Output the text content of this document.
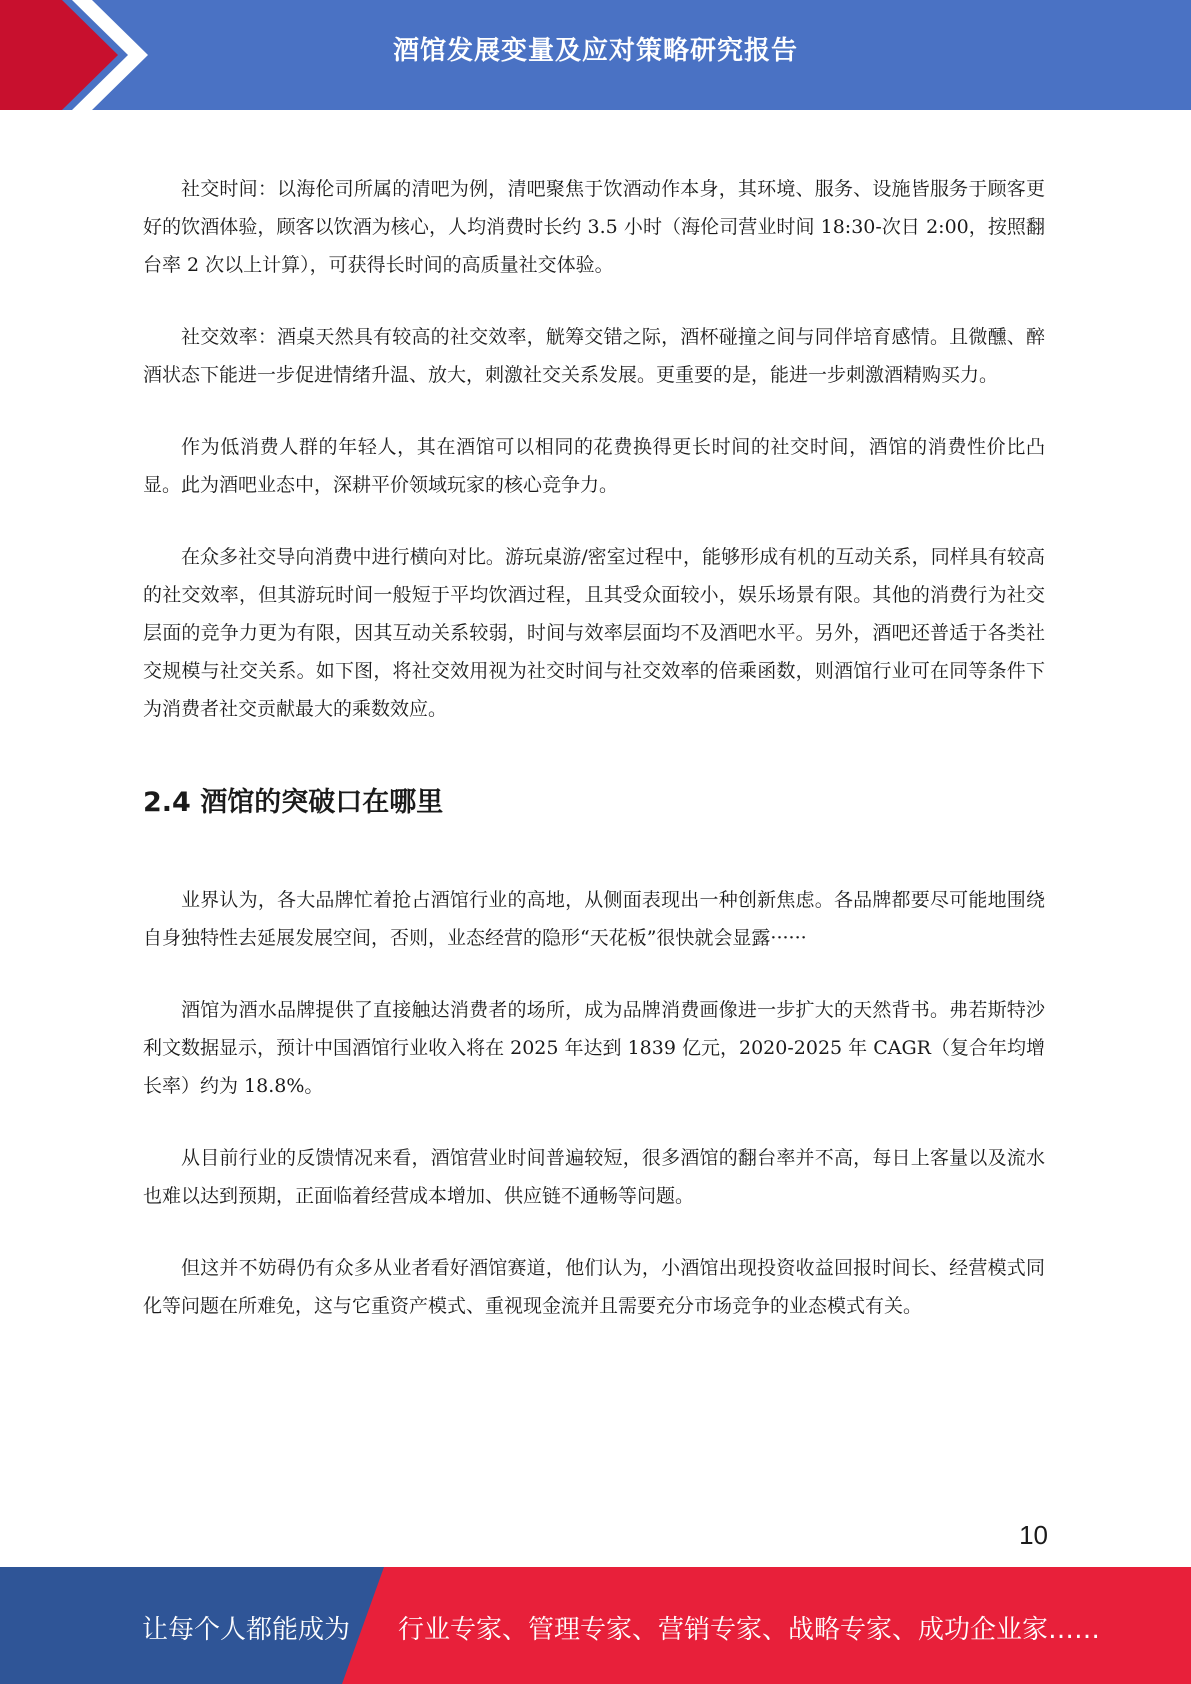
酒馆发展变量及应对策略研究报告

社交时间：以海伦司所属的清吧为例，清吧聚焦于饮酒动作本身，其环境、服务、设施皆服务于顾客更好的饮酒体验，顾客以饮酒为核心，人均消费时长约 3.5 小时（海伦司营业时间 18:30-次日 2:00，按照翻台率 2 次以上计算），可获得长时间的高质量社交体验。

社交效率：酒桌天然具有较高的社交效率，觥筹交错之际，酒杯碰撞之间与同伴培育感情。且微醺、醉酒状态下能进一步促进情绪升温、放大，刺激社交关系发展。更重要的是，能进一步刺激酒精购买力。

作为低消费人群的年轻人，其在酒馆可以相同的花费换得更长时间的社交时间，酒馆的消费性价比凸显。此为酒吧业态中，深耕平价领域玩家的核心竞争力。

在众多社交导向消费中进行横向对比。游玩桌游/密室过程中，能够形成有机的互动关系，同样具有较高的社交效率，但其游玩时间一般短于平均饮酒过程，且其受众面较小，娱乐场景有限。其他的消费行为社交层面的竞争力更为有限，因其互动关系较弱，时间与效率层面均不及酒吧水平。另外，酒吧还普适于各类社交规模与社交关系。如下图，将社交效用视为社交时间与社交效率的倍乘函数，则酒馆行业可在同等条件下为消费者社交贡献最大的乘数效应。

2.4 酒馆的突破口在哪里

业界认为，各大品牌忙着抢占酒馆行业的高地，从侧面表现出一种创新焦虑。各品牌都要尽可能地围绕自身独特性去延展发展空间，否则，业态经营的隐形“天花板”很快就会显露······

酒馆为酒水品牌提供了直接触达消费者的场所，成为品牌消费画像进一步扩大的天然背书。弗若斯特沙利文数据显示，预计中国酒馆行业收入将在 2025 年达到 1839 亿元，2020-2025 年 CAGR（复合年均增长率）约为 18.8%。

从目前行业的反馈情况来看，酒馆营业时间普遍较短，很多酒馆的翻台率并不高，每日上客量以及流水也难以达到预期，正面临着经营成本增加、供应链不通畅等问题。

但这并不妨碍仍有众多从业者看好酒馆赛道，他们认为，小酒馆出现投资收益回报时间长、经营模式同化等问题在所难免，这与它重资产模式、重视现金流并且需要充分市场竞争的业态模式有关。

10
让每个人都能成为 行业专家、管理专家、营销专家、战略专家、成功企业家……
